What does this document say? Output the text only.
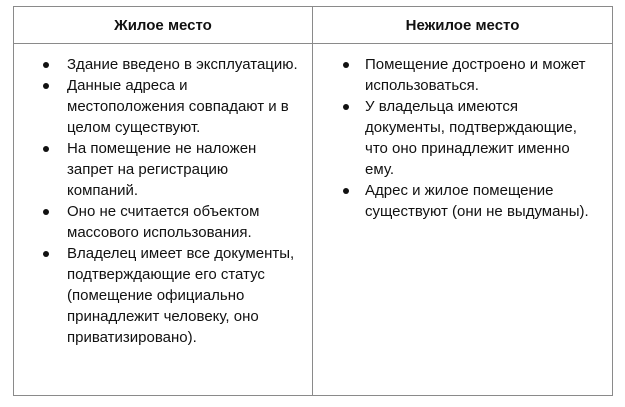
Жилое место	Нежилое место
Здание введено в эксплуатацию.
Данные адреса и местоположения совпадают и в целом существуют.
На помещение не наложен запрет на регистрацию компаний.
Оно не считается объектом массового использования.
Владелец имеет все документы, подтверждающие его статус (помещение официально принадлежит человеку, оно приватизировано).
Помещение достроено и может использоваться.
У владельца имеются документы, подтверждающие, что оно принадлежит именно ему.
Адрес и жилое помещение существуют (они не выдуманы).
